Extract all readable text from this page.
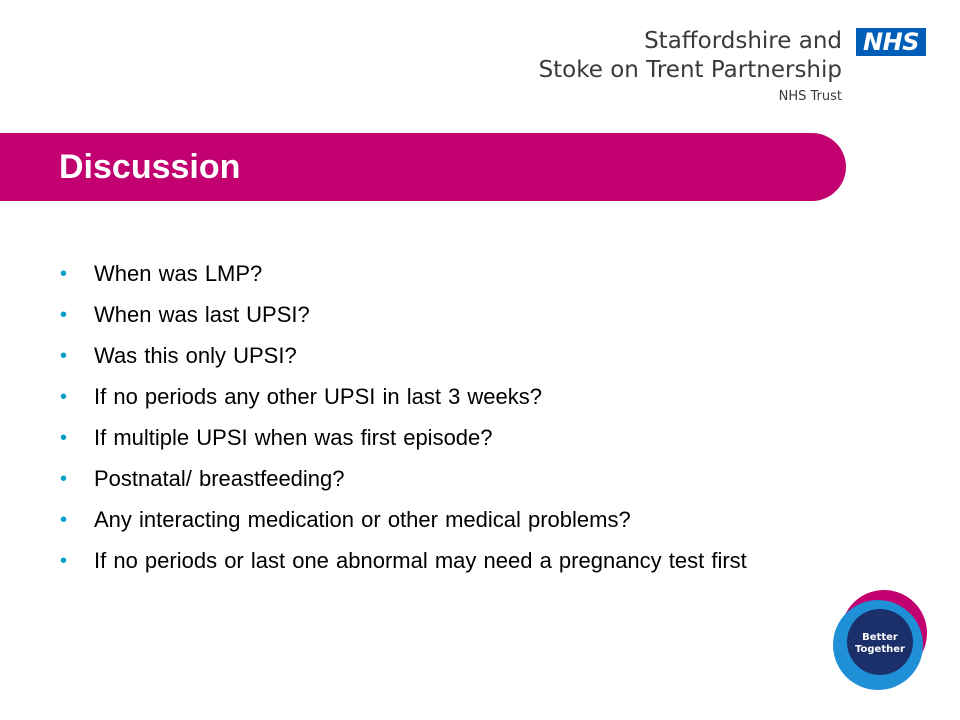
Staffordshire and
Stoke on Trent Partnership
NHS Trust
NHS
Discussion
• When was LMP?
• When was last UPSI?
• Was this only UPSI?
• If no periods any other UPSI in last 3 weeks?
• If multiple UPSI when was first episode?
• Postnatal/ breastfeeding?
• Any interacting medication or other medical problems?
• If no periods or last one abnormal may need a pregnancy test first
Better
Together
